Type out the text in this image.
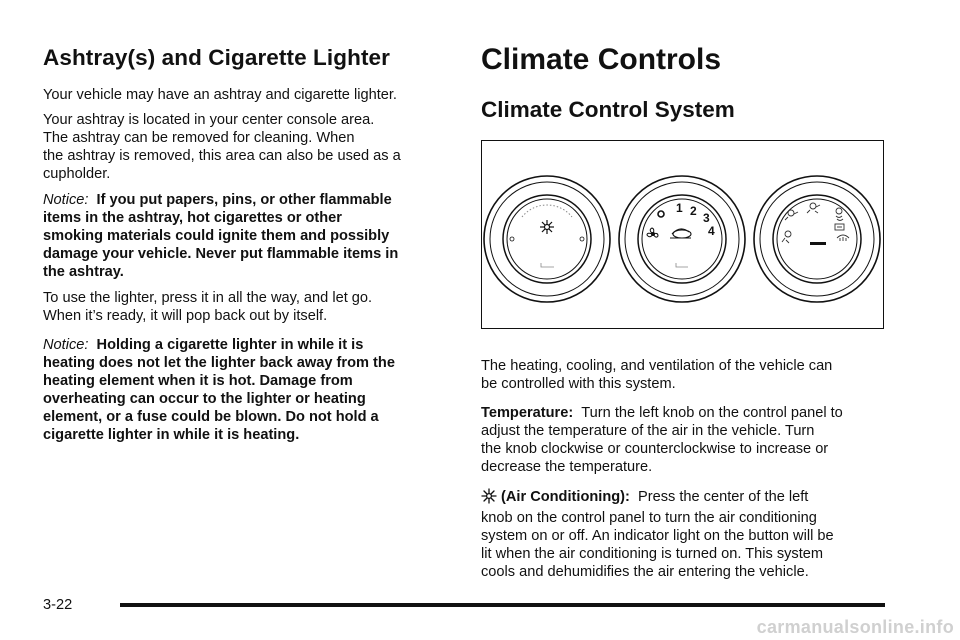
Ashtray(s) and Cigarette Lighter

Your vehicle may have an ashtray and cigarette lighter.

Your ashtray is located in your center console area.
The ashtray can be removed for cleaning. When
the ashtray is removed, this area can also be used as a
cupholder.

Notice: If you put papers, pins, or other flammable
items in the ashtray, hot cigarettes or other
smoking materials could ignite them and possibly
damage your vehicle. Never put flammable items in
the ashtray.

To use the lighter, press it in all the way, and let go.
When it’s ready, it will pop back out by itself.

Notice: Holding a cigarette lighter in while it is
heating does not let the lighter back away from the
heating element when it is hot. Damage from
overheating can occur to the lighter or heating
element, or a fuse could be blown. Do not hold a
cigarette lighter in while it is heating.

Climate Controls
Climate Control System

The heating, cooling, and ventilation of the vehicle can
be controlled with this system.

Temperature: Turn the left knob on the control panel to
adjust the temperature of the air in the vehicle. Turn
the knob clockwise or counterclockwise to increase or
decrease the temperature.

(Air Conditioning): Press the center of the left
knob on the control panel to turn the air conditioning
system on or off. An indicator light on the button will be
lit when the air conditioning is turned on. This system
cools and dehumidifies the air entering the vehicle.

1 2 3
4
3-22
carmanualsonline.info
